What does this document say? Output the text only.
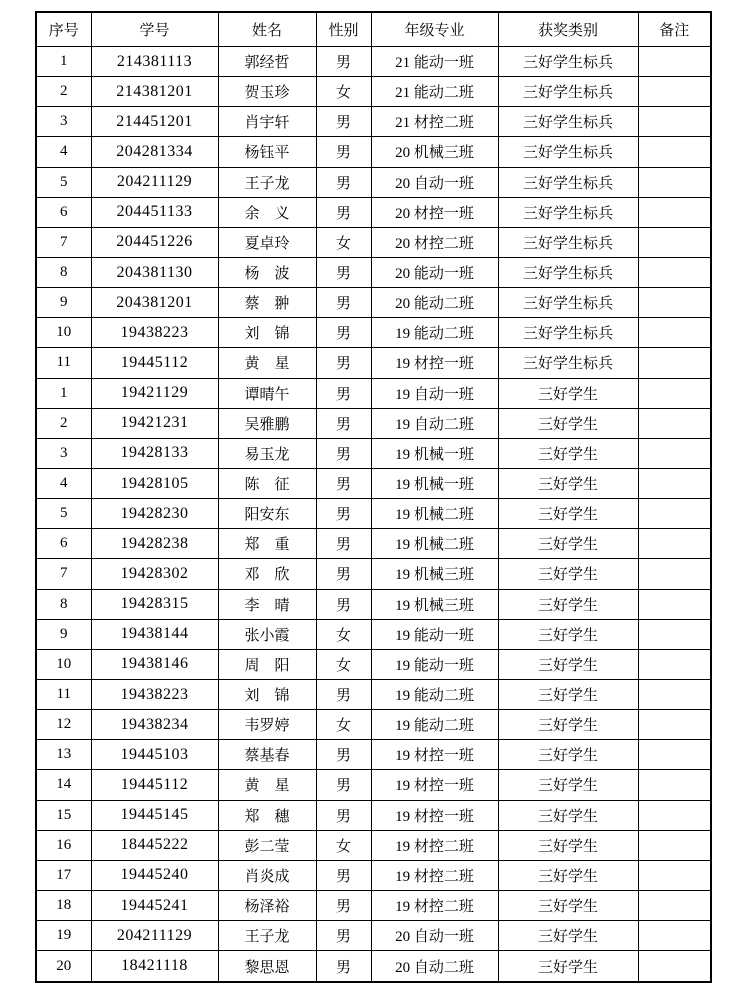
序号	学号	姓名	性别	年级专业	获奖类别	备注
1	214381113	郭经哲	男	21 能动一班	三好学生标兵	
2	214381201	贺玉珍	女	21 能动二班	三好学生标兵	
3	214451201	肖宇轩	男	21 材控二班	三好学生标兵	
4	204281334	杨钰平	男	20 机械三班	三好学生标兵	
5	204211129	王子龙	男	20 自动一班	三好学生标兵	
6	204451133	余　义	男	20 材控一班	三好学生标兵	
7	204451226	夏卓玲	女	20 材控二班	三好学生标兵	
8	204381130	杨　波	男	20 能动一班	三好学生标兵	
9	204381201	蔡　翀	男	20 能动二班	三好学生标兵	
10	19438223	刘　锦	男	19 能动二班	三好学生标兵	
11	19445112	黄　星	男	19 材控一班	三好学生标兵	
1	19421129	谭晴午	男	19 自动一班	三好学生	
2	19421231	吴雅鹏	男	19 自动二班	三好学生	
3	19428133	易玉龙	男	19 机械一班	三好学生	
4	19428105	陈　征	男	19 机械一班	三好学生	
5	19428230	阳安东	男	19 机械二班	三好学生	
6	19428238	郑　重	男	19 机械二班	三好学生	
7	19428302	邓　欣	男	19 机械三班	三好学生	
8	19428315	李　晴	男	19 机械三班	三好学生	
9	19438144	张小霞	女	19 能动一班	三好学生	
10	19438146	周　阳	女	19 能动一班	三好学生	
11	19438223	刘　锦	男	19 能动二班	三好学生	
12	19438234	韦罗婷	女	19 能动二班	三好学生	
13	19445103	蔡基春	男	19 材控一班	三好学生	
14	19445112	黄　星	男	19 材控一班	三好学生	
15	19445145	郑　穗	男	19 材控一班	三好学生	
16	18445222	彭二莹	女	19 材控二班	三好学生	
17	19445240	肖炎成	男	19 材控二班	三好学生	
18	19445241	杨泽裕	男	19 材控二班	三好学生	
19	204211129	王子龙	男	20 自动一班	三好学生	
20	18421118	黎思恩	男	20 自动二班	三好学生	
